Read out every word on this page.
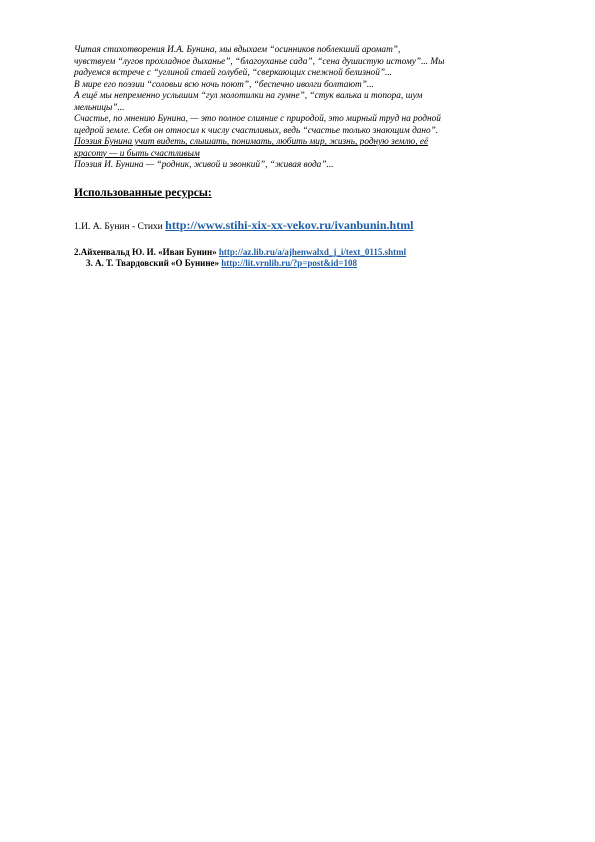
Читая стихотворения И.А. Бунина, мы вдыхаем “осинников поблекший аромат”,

чувствуем “лугов прохладное дыханье”, “благоуханье сада”, “сена душистую истому”... Мы

радуемся встрече с “углиной стаей голубей, “сверкающих снежной белизной”...

В мире его поэзии “соловьи всю ночь поют”, “беспечно иволги болтают”...

А ещё мы непременно услышим “гул молотилки на гумне”, “стук валька и топора, шум

мельницы”...

Счастье, по мнению Бунина, — это полное слияние с природой, это мирный труд на родной

щедрой земле. Себя он относил к числу счастливых, ведь “счастье только знающим дано”.

Поэзия Бунина учит видеть, слышать, понимать, любить мир, жизнь, родную землю, её

красоту — и быть счастливым

Поэзия И. Бунина — “родник, живой и звонкий”, “живая вода”...

Использованные ресурсы:
1.И. А. Бунин - Стихи http://www.stihi-xix-xx-vekov.ru/ivanbunin.html
2.Айхенвальд Ю. И. «Иван Бунин» http://az.lib.ru/a/ajhenwalxd_j_i/text_0115.shtml
3. А. Т. Твардовский «О Бунине» http://lit.vrnlib.ru/?p=post&id=108
